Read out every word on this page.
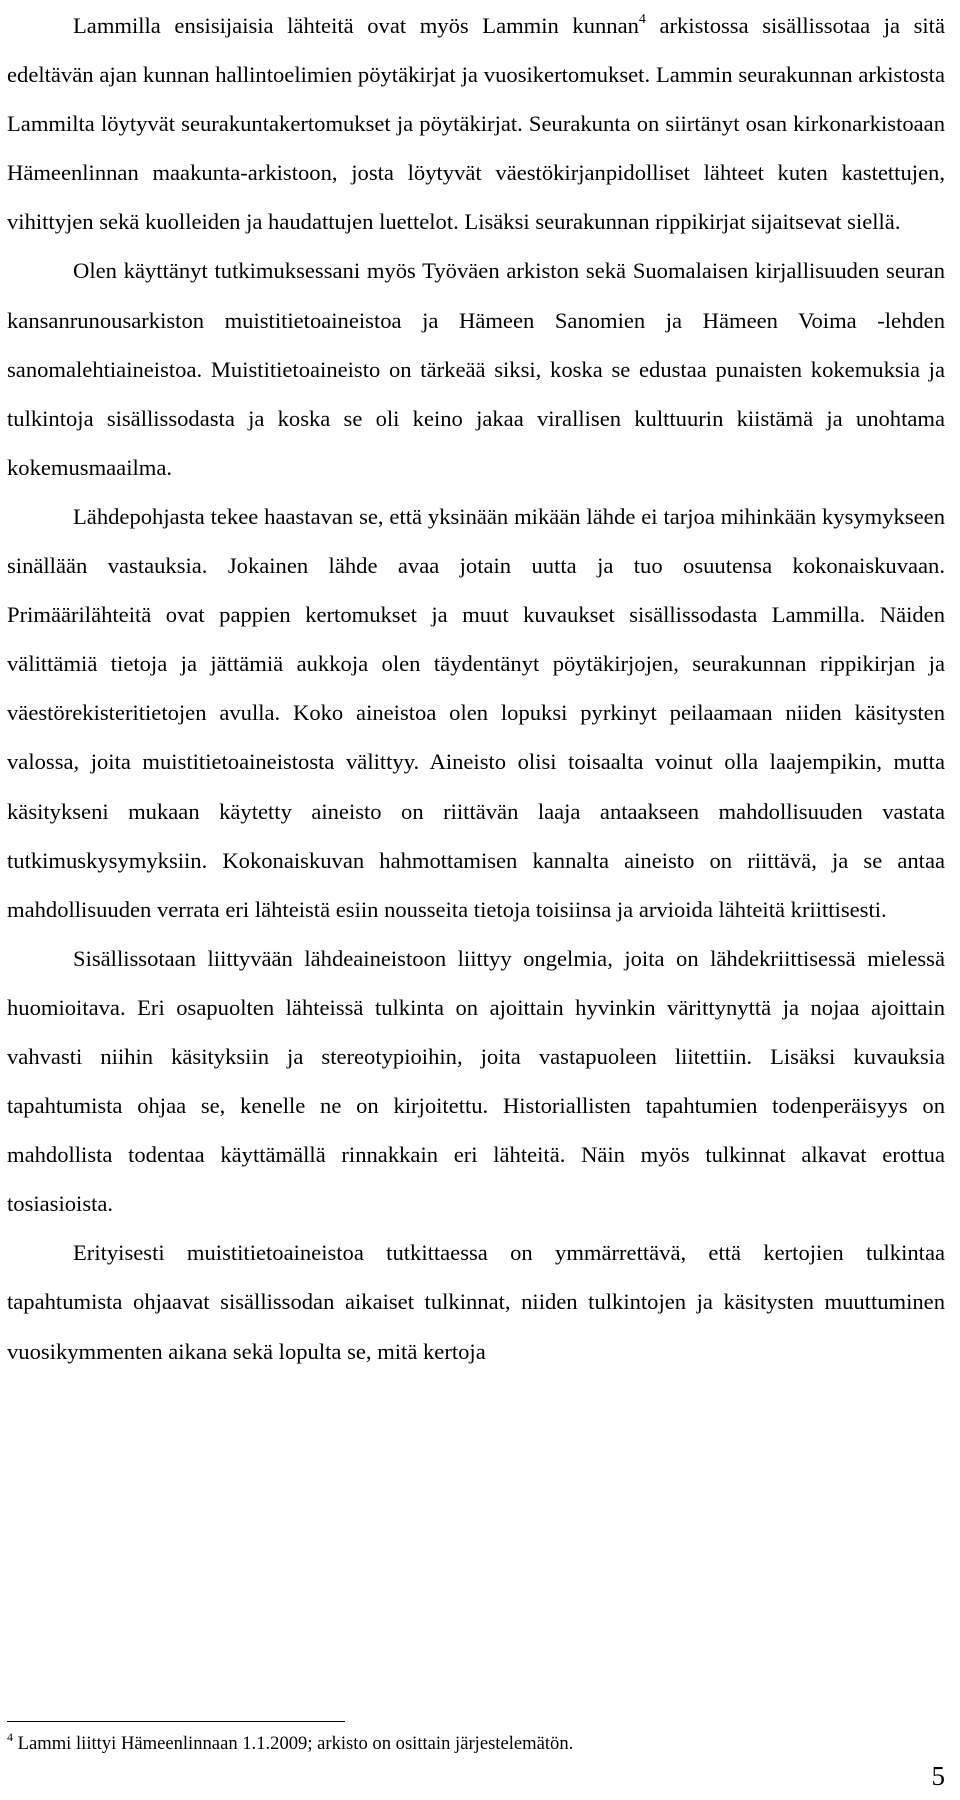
Lammilla ensisijaisia lähteitä ovat myös Lammin kunnan$^4$ arkistossa sisällissotaa ja sitä edeltävän ajan kunnan hallintoelimien pöytäkirjat ja vuosikertomukset. Lammin seurakunnan arkistosta Lammilta löytyvät seurakuntakertomukset ja pöytäkirjat. Seurakunta on siirtänyt osan kirkonarkistoaan Hämeenlinnan maakunta-arkistoon, josta löytyvät väestökirjanpidolliset lähteet kuten kastettujen, vihittyjen sekä kuolleiden ja haudattujen luettelot. Lisäksi seurakunnan rippikirjat sijaitsevat siellä.

Olen käyttänyt tutkimuksessani myös Työväen arkiston sekä Suomalaisen kirjallisuuden seuran kansanrunousarkiston muistitietoaineistoa ja Hämeen Sanomien ja Hämeen Voima -lehden sanomalehtiaineistoa. Muistitietoaineisto on tärkeää siksi, koska se edustaa punaisten kokemuksia ja tulkintoja sisällissodasta ja koska se oli keino jakaa virallisen kulttuurin kiistämä ja unohtama kokemusmaailma.

Lähdepohjasta tekee haastavan se, että yksinään mikään lähde ei tarjoa mihinkään kysymykseen sinällään vastauksia. Jokainen lähde avaa jotain uutta ja tuo osuutensa kokonaiskuvaan. Primäärilähteitä ovat pappien kertomukset ja muut kuvaukset sisällissodasta Lammilla. Näiden välittämiä tietoja ja jättämiä aukkoja olen täydentänyt pöytäkirjojen, seurakunnan rippikirjan ja väestörekisteritietojen avulla. Koko aineistoa olen lopuksi pyrkinyt peilaamaan niiden käsitysten valossa, joita muistitietoaineistosta välittyy. Aineisto olisi toisaalta voinut olla laajempikin, mutta käsitykseni mukaan käytetty aineisto on riittävän laaja antaakseen mahdollisuuden vastata tutkimuskysymyksiin. Kokonaiskuvan hahmottamisen kannalta aineisto on riittävä, ja se antaa mahdollisuuden verrata eri lähteistä esiin nousseita tietoja toisiinsa ja arvioida lähteitä kriittisesti.

Sisällissotaan liittyvään lähdeaineistoon liittyy ongelmia, joita on lähdekriittisessä mielessä huomioitava. Eri osapuolten lähteissä tulkinta on ajoittain hyvinkin värittynyttä ja nojaa ajoittain vahvasti niihin käsityksiin ja stereotypioihin, joita vastapuoleen liitettiin. Lisäksi kuvauksia tapahtumista ohjaa se, kenelle ne on kirjoitettu. Historiallisten tapahtumien todenperäisyys on mahdollista todentaa käyttämällä rinnakkain eri lähteitä. Näin myös tulkinnat alkavat erottua tosiasioista.

Erityisesti muistitietoaineistoa tutkittaessa on ymmärrettävä, että kertojien tulkintaa tapahtumista ohjaavat sisällissodan aikaiset tulkinnat, niiden tulkintojen ja käsitysten muuttuminen vuosikymmenten aikana sekä lopulta se, mitä kertoja

$^4$ Lammi liittyi Hämeenlinnaan 1.1.2009; arkisto on osittain järjestelemätön.

5
